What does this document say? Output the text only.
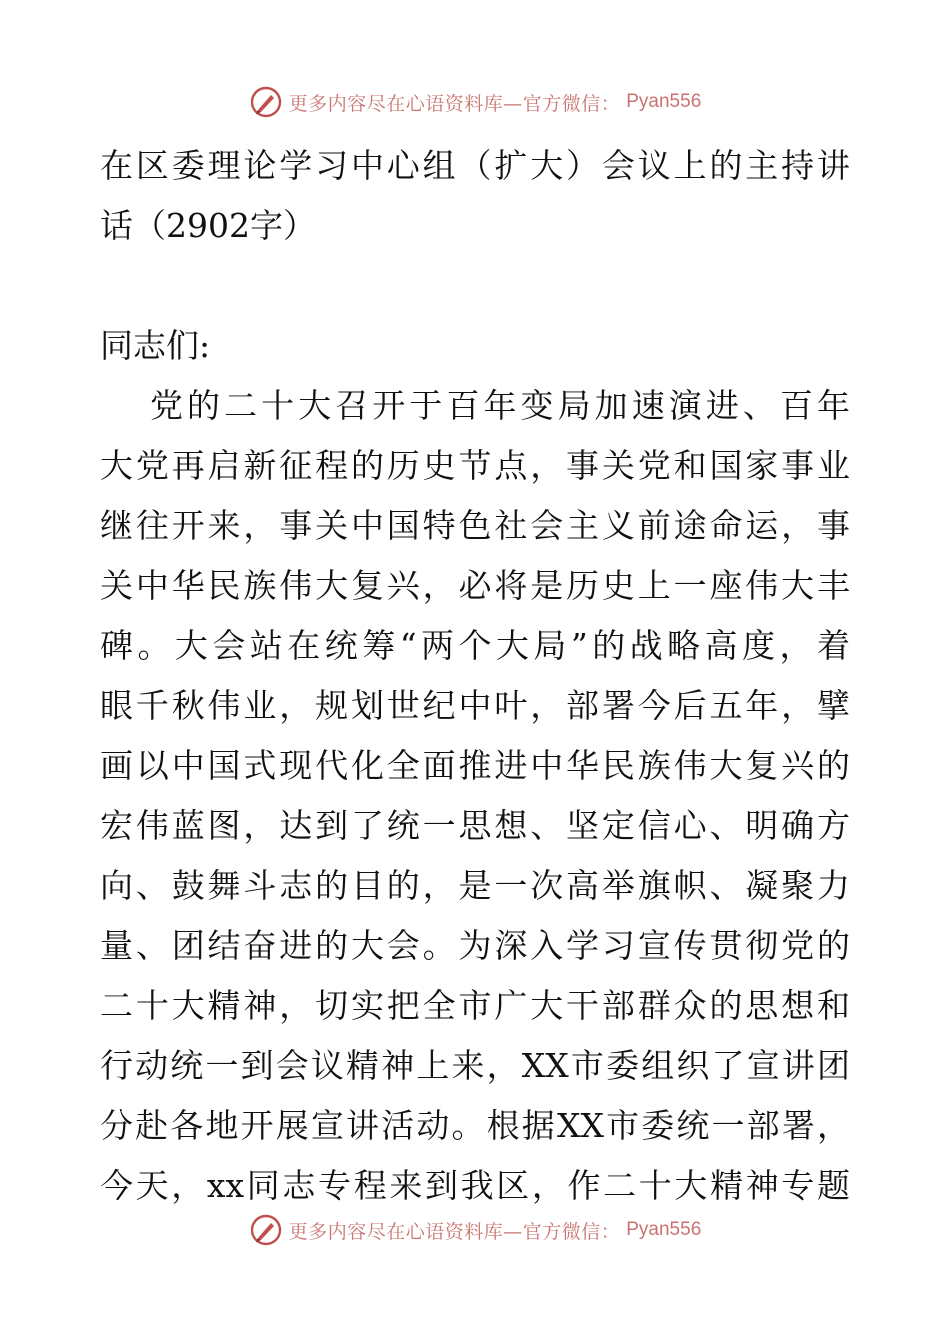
更多内容尽在心语资料库—官方微信： Pyan556
在区委理论学习中心组（扩大）会议上的主持讲
话（2902字）
同志们:
党的二十大召开于百年变局加速演进、百年
大党再启新征程的历史节点，事关党和国家事业
继往开来，事关中国特色社会主义前途命运，事
关中华民族伟大复兴，必将是历史上一座伟大丰
碑。大会站在统筹“两个大局”的战略高度，着
眼千秋伟业，规划世纪中叶，部署今后五年，擘
画以中国式现代化全面推进中华民族伟大复兴的
宏伟蓝图，达到了统一思想、坚定信心、明确方
向、鼓舞斗志的目的，是一次高举旗帜、凝聚力
量、团结奋进的大会。为深入学习宣传贯彻党的
二十大精神，切实把全市广大干部群众的思想和
行动统一到会议精神上来，XX市委组织了宣讲团
分赴各地开展宣讲活动。根据XX市委统一部署，
今天，xx同志专程来到我区，作二十大精神专题
更多内容尽在心语资料库—官方微信： Pyan556
